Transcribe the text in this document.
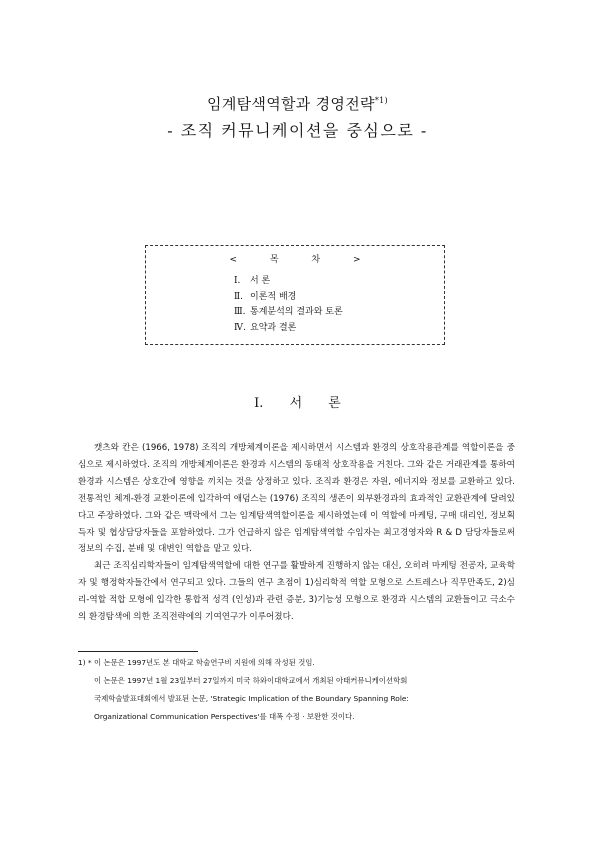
임계탐색역할과 경영전략$^{*1)}$
- 조직 커뮤니케이션을 중심으로 -
< 목 차 >
Ⅰ. 서 론
Ⅱ. 이론적 배경
Ⅲ. 통계분석의 결과와 토론
Ⅳ. 요약과 결론
Ⅰ. 서 론

캣츠와 칸은 (1966, 1978) 조직의 개방체계이론을 제시하면서 시스템과 환경의 상호작용관계를 역할이론을 중심으로 제시하였다. 조직의 개방체계이론은 환경과 시스템의 동태적 상호작용을 거친다. 그와 같은 거래관계를 통하여 환경과 시스템은 상호간에 영향을 끼치는 것을 상정하고 있다. 조직과 환경은 자원, 에너지와 정보를 교환하고 있다. 전통적인 체계-환경 교환이론에 입각하여 애덤스는 (1976) 조직의 생존이 외부환경과의 효과적인 교환관계에 달려있다고 주장하였다. 그와 같은 맥락에서 그는 임계탐색역할이론을 제시하였는데 이 역할에 마케팅, 구매 대리인, 정보획득자 및 협상담당자들을 포함하였다. 그가 언급하지 않은 임계탐색역할 수임자는 최고경영자와 R & D 담당자들로써 정보의 수집, 분배 및 대변인 역할을 맡고 있다.

최근 조직심리학자들이 임계탐색역할에 대한 연구를 활발하게 진행하지 않는 대신, 오히려 마케팅 전공자, 교육학자 및 행정학자들간에서 연구되고 있다. 그들의 연구 초점이 1)심리학적 역할 모형으로 스트레스나 직무만족도, 2)심리-역할 적합 모형에 입각한 통합적 성격 (인성)과 관련 증분, 3)기능성 모형으로 환경과 시스템의 교환들이고 극소수의 환경탐색에 의한 조직전략에의 기여연구가 이루어졌다.

1) * 이 논문은 1997년도 본 대학교 학술연구비 지원에 의해 작성된 것임.
이 논문은 1997년 1월 23일부터 27일까지 미국 하와이대학교에서 개최된 아태커뮤니케이션학회
국제학술발표대회에서 발표된 논문, 'Strategic Implication of the Boundary Spanning Role:
Organizational Communication Perspectives'를 대폭 수정 · 보완한 것이다.
